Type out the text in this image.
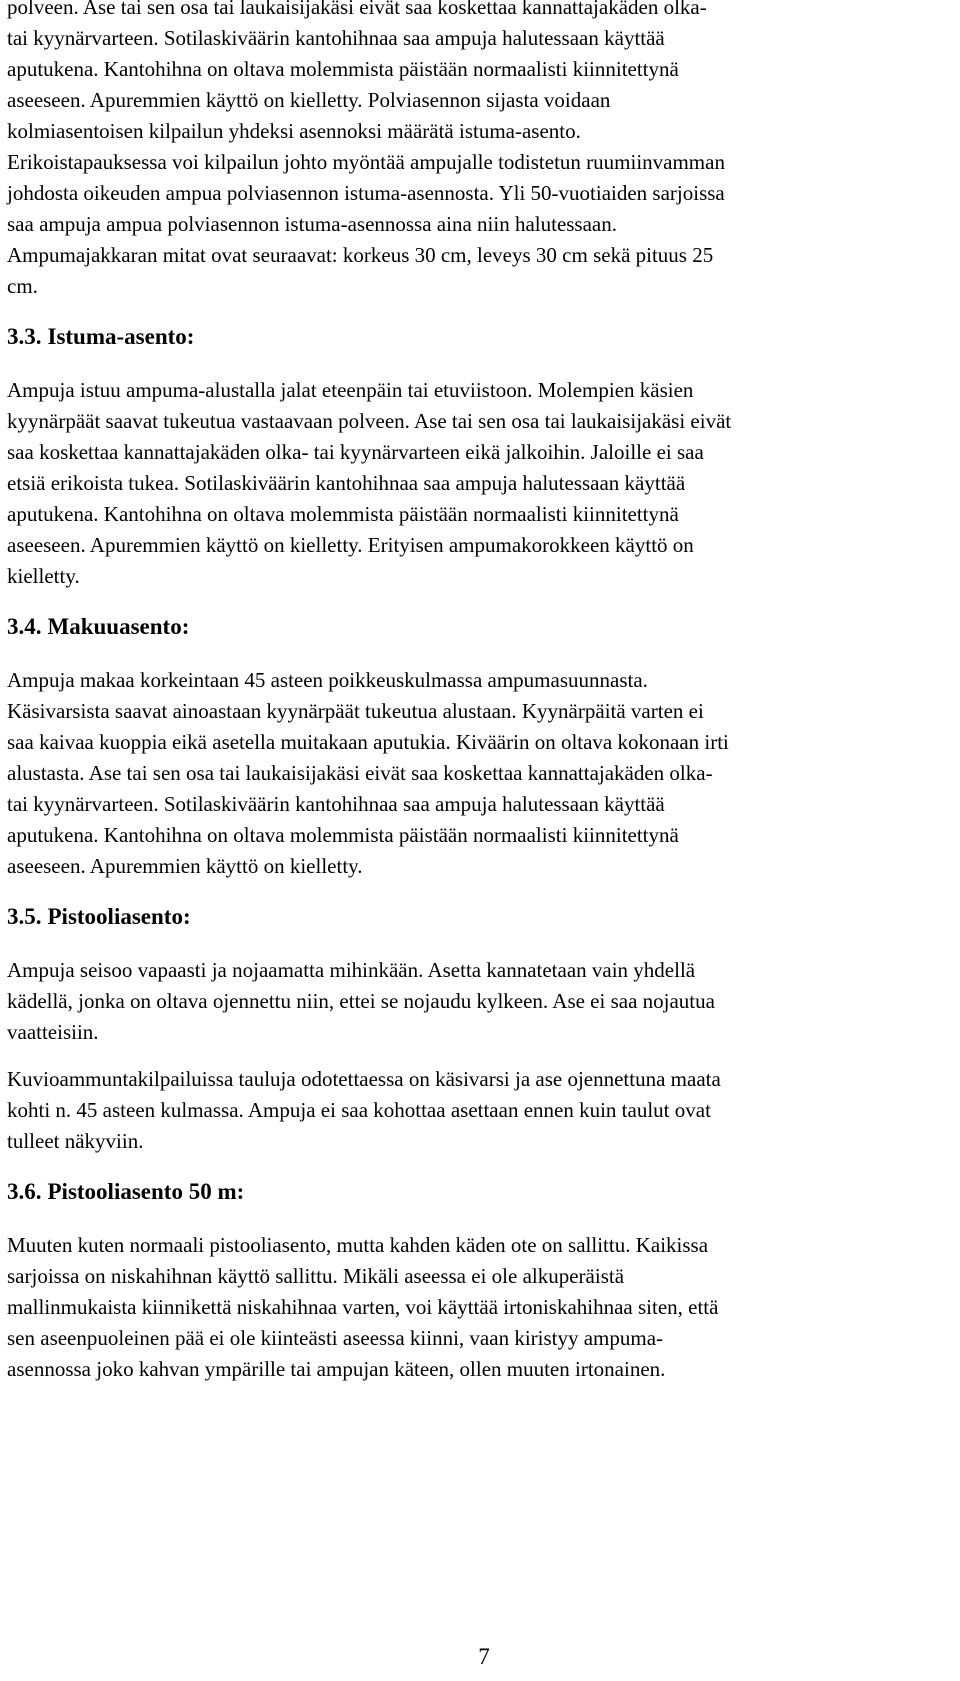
polveen. Ase tai sen osa tai laukaisijakäsi eivät saa koskettaa kannattajakäden olka-

tai kyynärvarteen. Sotilaskiväärin kantohihnaa saa ampuja halutessaan käyttää

aputukena. Kantohihna on oltava molemmista päistään normaalisti kiinnitettynä

aseeseen. Apuremmien käyttö on kielletty. Polviasennon sijasta voidaan

kolmiasentoisen kilpailun yhdeksi asennoksi määrätä istuma-asento.

Erikoistapauksessa voi kilpailun johto myöntää ampujalle todistetun ruumiinvamman

johdosta oikeuden ampua polviasennon istuma-asennosta. Yli 50-vuotiaiden sarjoissa

saa ampuja ampua polviasennon istuma-asennossa aina niin halutessaan.

Ampumajakkaran mitat ovat seuraavat: korkeus 30 cm, leveys 30 cm sekä pituus 25

cm.

3.3. Istuma-asento:

Ampuja istuu ampuma-alustalla jalat eteenpäin tai etuviistoon. Molempien käsien

kyynärpäät saavat tukeutua vastaavaan polveen. Ase tai sen osa tai laukaisijakäsi eivät

saa koskettaa kannattajakäden olka- tai kyynärvarteen eikä jalkoihin. Jaloille ei saa

etsiä erikoista tukea. Sotilaskiväärin kantohihnaa saa ampuja halutessaan käyttää

aputukena. Kantohihna on oltava molemmista päistään normaalisti kiinnitettynä

aseeseen. Apuremmien käyttö on kielletty. Erityisen ampumakorokkeen käyttö on

kielletty.

3.4. Makuuasento:

Ampuja makaa korkeintaan 45 asteen poikkeuskulmassa ampumasuunnasta.

Käsivarsista saavat ainoastaan kyynärpäät tukeutua alustaan. Kyynärpäitä varten ei

saa kaivaa kuoppia eikä asetella muitakaan aputukia. Kiväärin on oltava kokonaan irti

alustasta. Ase tai sen osa tai laukaisijakäsi eivät saa koskettaa kannattajakäden olka-

tai kyynärvarteen. Sotilaskiväärin kantohihnaa saa ampuja halutessaan käyttää

aputukena. Kantohihna on oltava molemmista päistään normaalisti kiinnitettynä

aseeseen. Apuremmien käyttö on kielletty.

3.5. Pistooliasento:

Ampuja seisoo vapaasti ja nojaamatta mihinkään. Asetta kannatetaan vain yhdellä

kädellä, jonka on oltava ojennettu niin, ettei se nojaudu kylkeen. Ase ei saa nojautua

vaatteisiin.

Kuvioammuntakilpailuissa tauluja odotettaessa on käsivarsi ja ase ojennettuna maata

kohti n. 45 asteen kulmassa. Ampuja ei saa kohottaa asettaan ennen kuin taulut ovat

tulleet näkyviin.

3.6. Pistooliasento 50 m:

Muuten kuten normaali pistooliasento, mutta kahden käden ote on sallittu. Kaikissa

sarjoissa on niskahihnan käyttö sallittu. Mikäli aseessa ei ole alkuperäistä

mallinmukaista kiinnikettä niskahihnaa varten, voi käyttää irtoniskahihnaa siten, että

sen aseenpuoleinen pää ei ole kiinteästi aseessa kiinni, vaan kiristyy ampuma-

asennossa joko kahvan ympärille tai ampujan käteen, ollen muuten irtonainen.

7
